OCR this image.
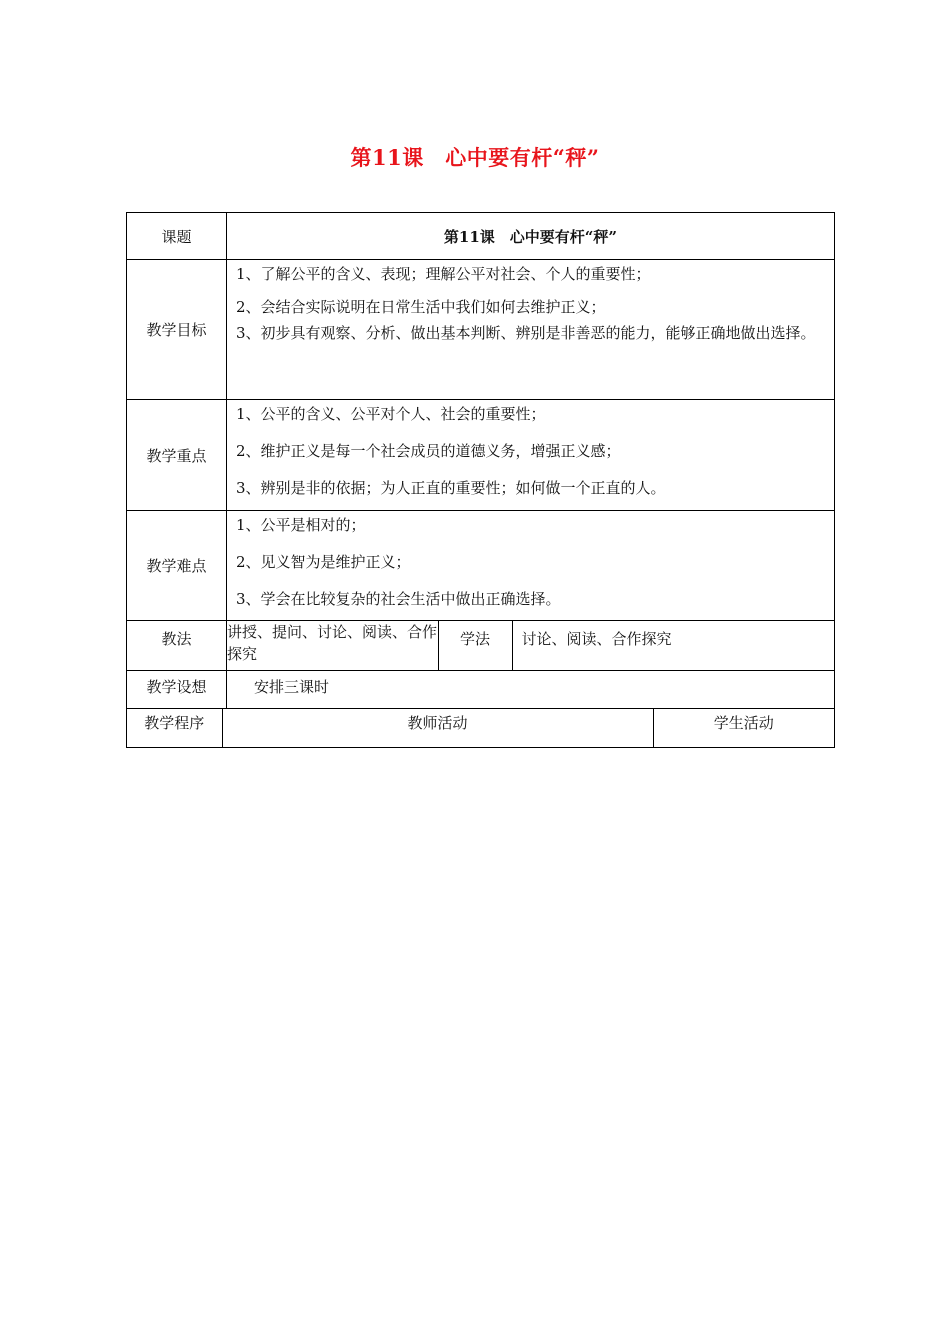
第11课　心中要有杆“秤”
课题	第11课　心中要有杆“秤”
教学目标	
1、了解公平的含义、表现；理解公平对社会、个人的重要性；
2、会结合实际说明在日常生活中我们如何去维护正义；
3、初步具有观察、分析、做出基本判断、辨别是非善恶的能力，能够正确地做出选择。

教学重点	
1、公平的含义、公平对个人、社会的重要性；
2、维护正义是每一个社会成员的道德义务，增强正义感；
3、辨别是非的依据；为人正直的重要性；如何做一个正直的人。

教学难点	
1、公平是相对的；
2、见义智为是维护正义；
3、学会在比较复杂的社会生活中做出正确选择。

教法	讲授、提问、讨论、阅读、合作探究	学法	讨论、阅读、合作探究

教学设想	安排三课时

教学程序	教师活动	学生活动
